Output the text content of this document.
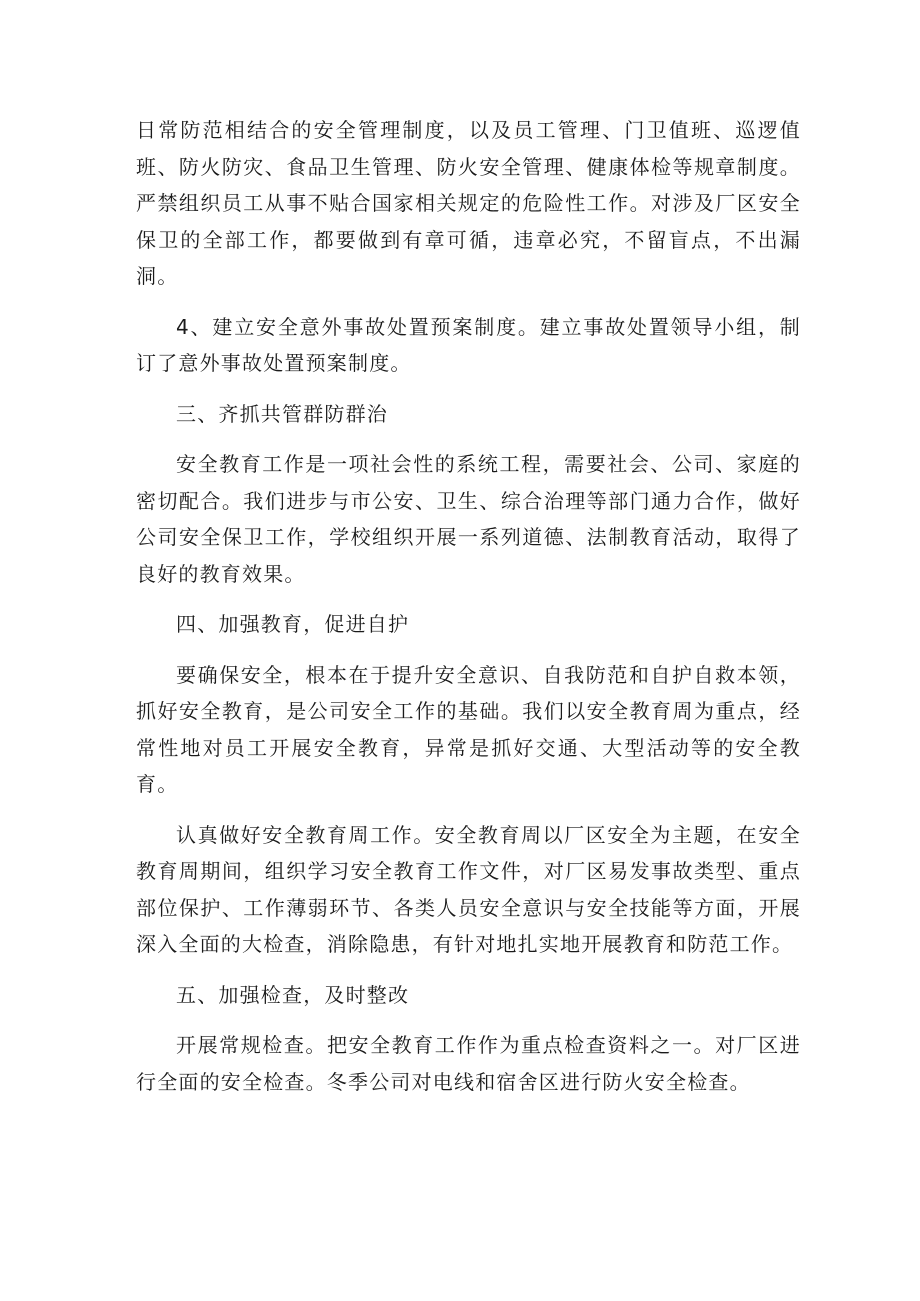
日常防范相结合的安全管理制度，以及员工管理、门卫值班、巡逻值班、防火防灾、食品卫生管理、防火安全管理、健康体检等规章制度。严禁组织员工从事不贴合国家相关规定的危险性工作。对涉及厂区安全保卫的全部工作，都要做到有章可循，违章必究，不留盲点，不出漏洞。

4、建立安全意外事故处置预案制度。建立事故处置领导小组，制订了意外事故处置预案制度。

三、齐抓共管群防群治

安全教育工作是一项社会性的系统工程，需要社会、公司、家庭的密切配合。我们进步与市公安、卫生、综合治理等部门通力合作，做好公司安全保卫工作，学校组织开展一系列道德、法制教育活动，取得了良好的教育效果。

四、加强教育，促进自护

要确保安全，根本在于提升安全意识、自我防范和自护自救本领，抓好安全教育，是公司安全工作的基础。我们以安全教育周为重点，经常性地对员工开展安全教育，异常是抓好交通、大型活动等的安全教育。

认真做好安全教育周工作。安全教育周以厂区安全为主题，在安全教育周期间，组织学习安全教育工作文件，对厂区易发事故类型、重点部位保护、工作薄弱环节、各类人员安全意识与安全技能等方面，开展深入全面的大检查，消除隐患，有针对地扎实地开展教育和防范工作。

五、加强检查，及时整改

开展常规检查。把安全教育工作作为重点检查资料之一。对厂区进行全面的安全检查。冬季公司对电线和宿舍区进行防火安全检查。
